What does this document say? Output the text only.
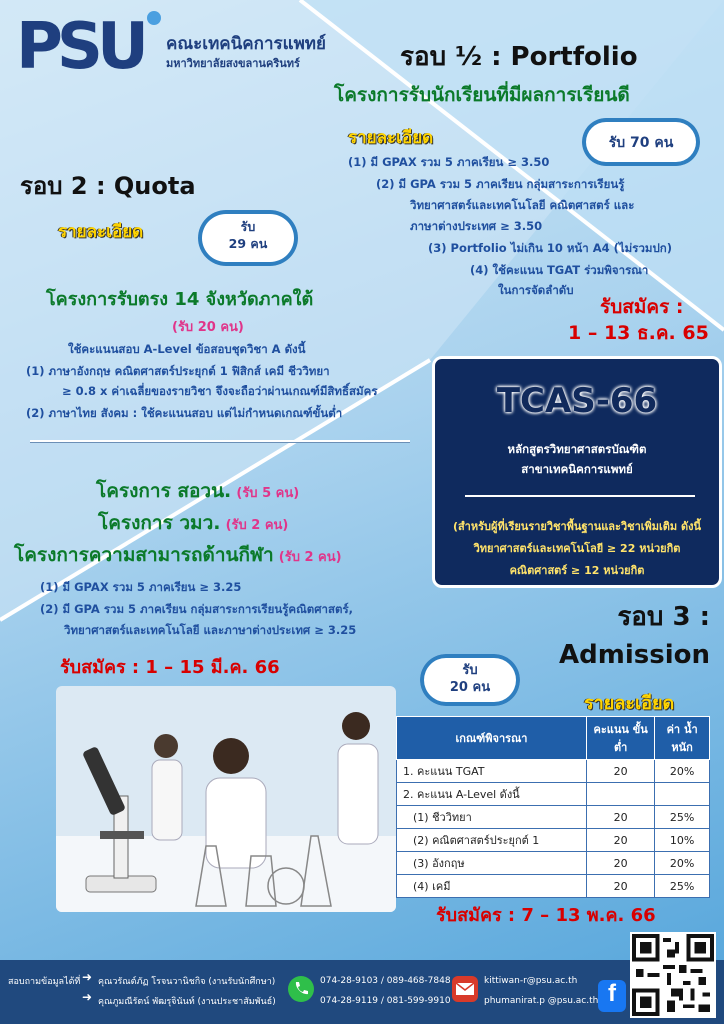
PSU คณะเทคนิคการแพทย์
มหาวิทยาลัยสงขลานครินทร์	รอบ ½ : Portfolio
โครงการรับนักเรียนที่มีผลการเรียนดี
รายละเอียด	รับ 70 คน
(1) มี GPAX รวม 5 ภาคเรียน ≥ 3.50
(2) มี GPA รวม 5 ภาคเรียน กลุ่มสาระการเรียนรู้
วิทยาศาสตร์และเทคโนโลยี คณิตศาสตร์ และ
ภาษาต่างประเทศ ≥ 3.50
(3) Portfolio ไม่เกิน 10 หน้า A4 (ไม่รวมปก)
(4) ใช้คะแนน TGAT ร่วมพิจารณา
ในการจัดลำดับ
รับสมัคร :
1 – 13 ธ.ค. 65
รอบ 2 : Quota
รายละเอียด	รับ
29 คน
โครงการรับตรง 14 จังหวัดภาคใต้
(รับ 20 คน)
ใช้คะแนนสอบ A-Level ข้อสอบชุดวิชา A ดังนี้
(1) ภาษาอังกฤษ คณิตศาสตร์ประยุกต์ 1 ฟิสิกส์ เคมี ชีววิทยา
≥ 0.8 x ค่าเฉลี่ยของรายวิชา จึงจะถือว่าผ่านเกณฑ์มีสิทธิ์สมัคร
(2) ภาษาไทย สังคม : ใช้คะแนนสอบ แต่ไม่กำหนดเกณฑ์ขั้นต่ำ
โครงการ สอวน. (รับ 5 คน)
โครงการ วมว. (รับ 2 คน)
โครงการความสามารถด้านกีฬา (รับ 2 คน)
(1) มี GPAX รวม 5 ภาคเรียน ≥ 3.25
(2) มี GPA รวม 5 ภาคเรียน กลุ่มสาระการเรียนรู้คณิตศาสตร์,
วิทยาศาสตร์และเทคโนโลยี และภาษาต่างประเทศ ≥ 3.25
รับสมัคร : 1 – 15 มี.ค. 66
TCAS-66
หลักสูตรวิทยาศาสตรบัณฑิต
สาขาเทคนิคการแพทย์
(สำหรับผู้ที่เรียนรายวิชาพื้นฐานและวิชาเพิ่มเติม ดังนี้
วิทยาศาสตร์และเทคโนโลยี ≥ 22 หน่วยกิต
คณิตศาสตร์ ≥ 12 หน่วยกิต
รอบ 3 :
Admission
รับ
20 คน
รายละเอียด
เกณฑ์พิจารณา	คะแนน ขั้นต่ำ	ค่า น้ำหนัก
1. คะแนน TGAT	20	20%
2. คะแนน A-Level ดังนี้		
(1) ชีววิทยา	20	25%
(2) คณิตศาสตร์ประยุกต์ 1	20	10%
(3) อังกฤษ	20	20%
(4) เคมี	20	25%
รับสมัคร : 7 – 13 พ.ค. 66
สอบถามข้อมูลได้ที่ ➜ คุณวรัณต์ภัฏ โรจนวานิชกิจ (งานรับนักศึกษา)
➜ คุณภูมณีรัตน์ พัฒรุจินันท์ (งานประชาสัมพันธ์)
074-28-9103 / 089-468-7848
074-28-9119 / 081-599-9910
kittiwan-r@psu.ac.th
phumanirat.p @psu.ac.th f
